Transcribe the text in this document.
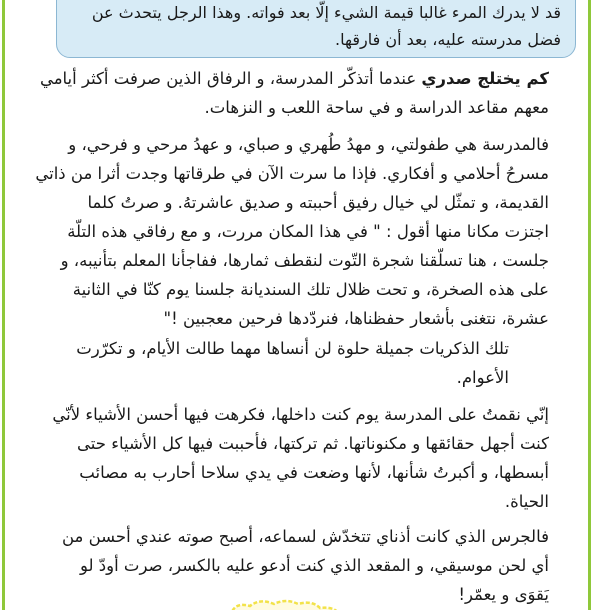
قد لا يدرك المرء غالبا قيمة الشيء إلّا بعد فواته. وهذا الرجل يتحدث عن
فضل مدرسته عليه، بعد أن فارقها.
كم يختلج صدري عندما أتذكّر المدرسة، و الرفاق الذين صرفت أكثر أيامي
معهم مقاعد الدراسة و في ساحة اللعب و النزهات.
فالمدرسة هي طفولتي، و مهدُ طُهري و صباي، و عهدُ مرحي و فرحي، و
مسرحُ أحلامي و أفكاري. فإذا ما سرت الآن في طرقاتها وجدت أثرا من ذاتي
القديمة، و تمثّل لي خيال رفيق أحببته و صديق عاشرتهُ. و صرتُ كلما
اجتزت مكانا منها أقول : " في هذا المكان مررت، و مع رفاقي هذه التلّة
جلست ، هنا تسلّقنا شجرة التّوت لنقطف ثمارها، ففاجأنا المعلم بتأنيبه، و
على هذه الصخرة، و تحت ظلال تلك السنديانة جلسنا يوم كنّا في الثانية
عشرة، نتغنى بأشعار حفظناها، فنردّدها فرحين معجبين !"
تلك الذكريات جميلة حلوة لن أنساها مهما طالت الأيام، و تكرّرت
الأعوام.
إنّي نقمتُ على المدرسة يوم كنت داخلها، فكرهت فيها أحسن الأشياء لأنّي
كنت أجهل حقائقها و مكنوناتها. ثم تركتها، فأحببت فيها كل الأشياء حتى
أبسطها، و أكبرتُ شأنها، لأنها وضعت في يدي سلاحا أحارب به مصائب
الحياة.
فالجرس الذي كانت أذناي تتخدّش لسماعه، أصبح صوته عندي أحسن من
أي لحن موسيقي، و المقعد الذي كنت أدعو عليه بالكسر، صرت أودّ لو
يَقوَى و يعمّر!
